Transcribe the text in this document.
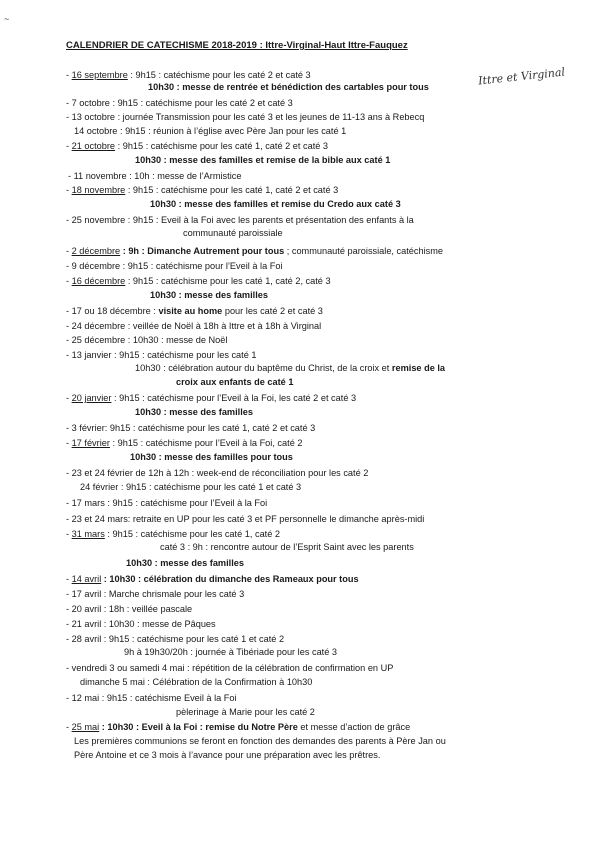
~
CALENDRIER DE CATECHISME 2018-2019 : Ittre-Virginal-Haut Ittre-Fauquez
Ittre et Virginal
- 16 septembre : 9h15 : catéchisme pour les caté 2 et caté 3
10h30 : messe de rentrée et bénédiction des cartables pour tous
- 7 octobre : 9h15 : catéchisme pour les caté 2 et caté 3
- 13 octobre : journée Transmission pour les caté 3 et les jeunes de 11-13 ans à Rebecq
14 octobre : 9h15 : réunion à l’église avec Père Jan pour les caté 1
- 21 octobre : 9h15 : catéchisme pour les caté 1, caté 2 et caté 3
10h30 : messe des familles et remise de la bible aux caté 1
- 11 novembre : 10h : messe de l’Armistice
- 18 novembre : 9h15 : catéchisme pour les caté 1, caté 2 et caté 3
10h30 : messe des familles et remise du Credo aux caté 3
- 25 novembre : 9h15 : Eveil à la Foi avec les parents et présentation des enfants à la
communauté paroissiale
- 2 décembre : 9h : Dimanche Autrement pour tous ; communauté paroissiale, catéchisme
- 9 décembre : 9h15 : catéchisme pour l’Eveil à la Foi
- 16 décembre : 9h15 : catéchisme pour les caté 1, caté 2, caté 3
10h30 : messe des familles
- 17 ou 18 décembre : visite au home pour les caté 2 et caté 3
- 24 décembre : veillée de Noël à 18h à Ittre et à 18h à Virginal
- 25 décembre : 10h30 : messe de Noël
- 13 janvier : 9h15 : catéchisme pour les caté 1
10h30 : célébration autour du baptême du Christ, de la croix et remise de la
croix aux enfants de caté 1
- 20 janvier : 9h15 : catéchisme pour l’Eveil à la Foi, les caté 2 et caté 3
10h30 : messe des familles
- 3 février: 9h15 : catéchisme pour les caté 1, caté 2 et caté 3
- 17 février : 9h15 : catéchisme pour l’Eveil à la Foi, caté 2
10h30 : messe des familles pour tous
- 23 et 24 février de 12h à 12h : week-end de réconciliation pour les caté 2
24 février : 9h15 : catéchisme pour les caté 1 et caté 3
- 17 mars : 9h15 : catéchisme pour l’Eveil à la Foi
- 23 et 24 mars: retraite en UP pour les caté 3 et PF personnelle le dimanche après-midi
- 31 mars : 9h15 : catéchisme pour les caté 1, caté 2
caté 3 : 9h : rencontre autour de l’Esprit Saint avec les parents
10h30 : messe des familles
- 14 avril : 10h30 : célébration du dimanche des Rameaux pour tous
- 17 avril : Marche chrismale pour les caté 3
- 20 avril : 18h : veillée pascale
- 21 avril : 10h30 : messe de Pâques
- 28 avril : 9h15 : catéchisme pour les caté 1 et caté 2
9h à 19h30/20h : journée à Tibériade pour les caté 3
- vendredi 3 ou samedi 4 mai : répétition de la célébration de confirmation en UP
dimanche 5 mai : Célébration de la Confirmation à 10h30
- 12 mai : 9h15 : catéchisme Eveil à la Foi
pèlerinage à Marie pour les caté 2
- 25 mai : 10h30 : Eveil à la Foi : remise du Notre Père et messe d’action de grâce
Les premières communions se feront en fonction des demandes des parents à Père Jan ou
Père Antoine et ce 3 mois à l’avance pour une préparation avec les prêtres.
